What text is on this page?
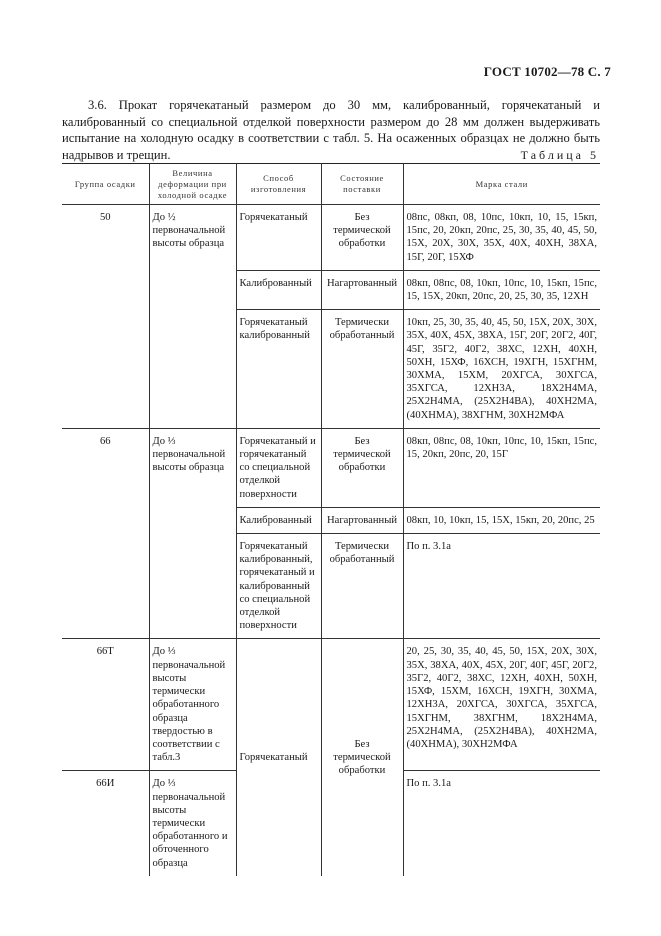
ГОСТ 10702—78 С. 7

3.6. Прокат горячекатаный размером до 30 мм, калиброванный, горячекатаный и калиброванный со специальной отделкой поверхности размером до 28 мм должен выдерживать испытание на холодную осадку в соответствии с табл. 5. На осаженных образцах не должно быть надрывов и трещин.	Таблица 5
Группа осадки	Величина деформации при холодной осадке	Способ изготовления	Состояние поставки	Марка стали
50	До ½ первоначальной высоты образца	Горячекатаный	Без термической обработки	08пс, 08кп, 08, 10пс, 10кп, 10, 15, 15кп, 15пс, 20, 20кп, 20пс, 25, 30, 35, 40, 45, 50, 15Х, 20Х, 30Х, 35Х, 40Х, 40ХН, 38ХА, 15Г, 20Г, 15ХФ
		Калиброванный	Нагартованный	08кп, 08пс, 08, 10кп, 10пс, 10, 15кп, 15пс, 15, 15Х, 20кп, 20пс, 20, 25, 30, 35, 12ХН
		Горячекатаный калиброванный	Термически обработанный	10кп, 25, 30, 35, 40, 45, 50, 15Х, 20Х, 30Х, 35Х, 40Х, 45Х, 38ХА, 15Г, 20Г, 20Г2, 40Г, 45Г, 35Г2, 40Г2, 38ХС, 12ХН, 40ХН, 50ХН, 15ХФ, 16ХСН, 19ХГН, 15ХГНМ, 30ХМА, 15ХМ, 20ХГСА, 30ХГСА, 35ХГСА, 12ХН3А, 18Х2Н4МА, 25Х2Н4МА, (25Х2Н4ВА), 40ХН2МА, (40ХНМА), 38ХГНМ, 30ХН2МФА
66	До ⅓ первоначальной высоты образца	Горячекатаный и горячекатаный со специальной отделкой поверхности	Без термической обработки	08кп, 08пс, 08, 10кп, 10пс, 10, 15кп, 15пс, 15, 20кп, 20пс, 20, 15Г
		Калиброванный	Нагартованный	08кп, 10, 10кп, 15, 15Х, 15кп, 20, 20пс, 25
		Горячекатаный калиброванный, горячекатаный и калиброванный со специальной отделкой поверхности	Термически обработанный	По п. 3.1а
66Т	До ⅓ первоначальной высоты термически обработанного образца твердостью в соответствии с табл.3	Горячекатаный	Без термической обработки	20, 25, 30, 35, 40, 45, 50, 15Х, 20Х, 30Х, 35Х, 38ХА, 40Х, 45Х, 20Г, 40Г, 45Г, 20Г2, 35Г2, 40Г2, 38ХС, 12ХН, 40ХН, 50ХН, 15ХФ, 15ХМ, 16ХСН, 19ХГН, 30ХМА, 12ХН3А, 20ХГСА, 30ХГСА, 35ХГСА, 15ХГНМ, 38ХГНМ, 18Х2Н4МА, 25Х2Н4МА, (25Х2Н4ВА), 40ХН2МА, (40ХНМА), 30ХН2МФА
66И	До ⅓ первоначальной высоты термически обработанного и обточенного образца			По п. 3.1а
